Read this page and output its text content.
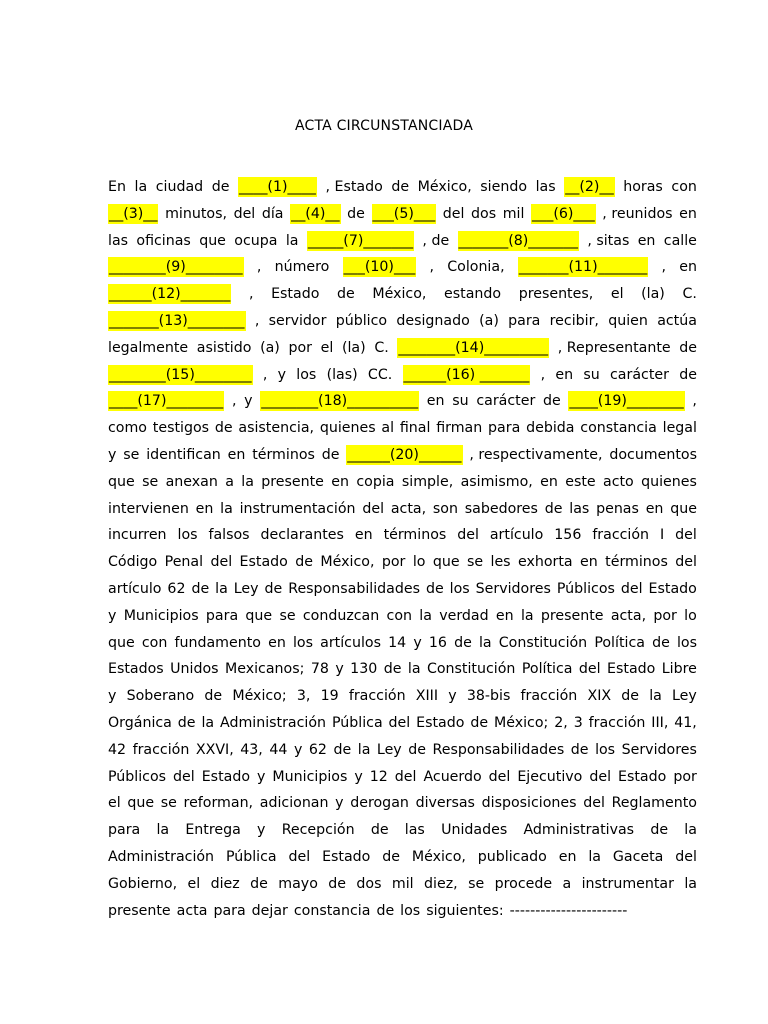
ACTA CIRCUNSTANCIADA
En la ciudad de ____(1)____ , Estado de México, siendo las __(2)__ horas con
__(3)__ minutos, del día __(4)__ de ___(5)___ del dos mil ___(6)___ , reunidos en
las oficinas que ocupa la _____(7)_______ , de _______(8)_______ , sitas en calle
________(9)________ , número ___(10)___ , Colonia, _______(11)_______ , en
______(12)_______ , Estado de México, estando presentes, el (la) C.
_______(13)________ , servidor público designado (a) para recibir, quien actúa
legalmente asistido (a) por el (la) C. ________(14)_________ , Representante de
________(15)________ , y los (las) CC. ______(16) _______ , en su carácter de
____(17)________ , y ________(18)__________ en su carácter de ____(19)________ ,
como testigos de asistencia, quienes al final firman para debida constancia legal
y se identifican en términos de ______(20)______ , respectivamente, documentos
que se anexan a la presente en copia simple, asimismo, en este acto quienes
intervienen en la instrumentación del acta, son sabedores de las penas en que
incurren los falsos declarantes en términos del artículo 156 fracción I del
Código Penal del Estado de México, por lo que se les exhorta en términos del
artículo 62 de la Ley de Responsabilidades de los Servidores Públicos del Estado
y Municipios para que se conduzcan con la verdad en la presente acta, por lo
que con fundamento en los artículos 14 y 16 de la Constitución Política de los
Estados Unidos Mexicanos; 78 y 130 de la Constitución Política del Estado Libre
y Soberano de México; 3, 19 fracción XIII y 38-bis fracción XIX de la Ley
Orgánica de la Administración Pública del Estado de México; 2, 3 fracción III, 41,
42 fracción XXVI, 43, 44 y 62 de la Ley de Responsabilidades de los Servidores
Públicos del Estado y Municipios y 12 del Acuerdo del Ejecutivo del Estado por
el que se reforman, adicionan y derogan diversas disposiciones del Reglamento
para la Entrega y Recepción de las Unidades Administrativas de la
Administración Pública del Estado de México, publicado en la Gaceta del
Gobierno, el diez de mayo de dos mil diez, se procede a instrumentar la
presente acta para dejar constancia de los siguientes: -----------------------
